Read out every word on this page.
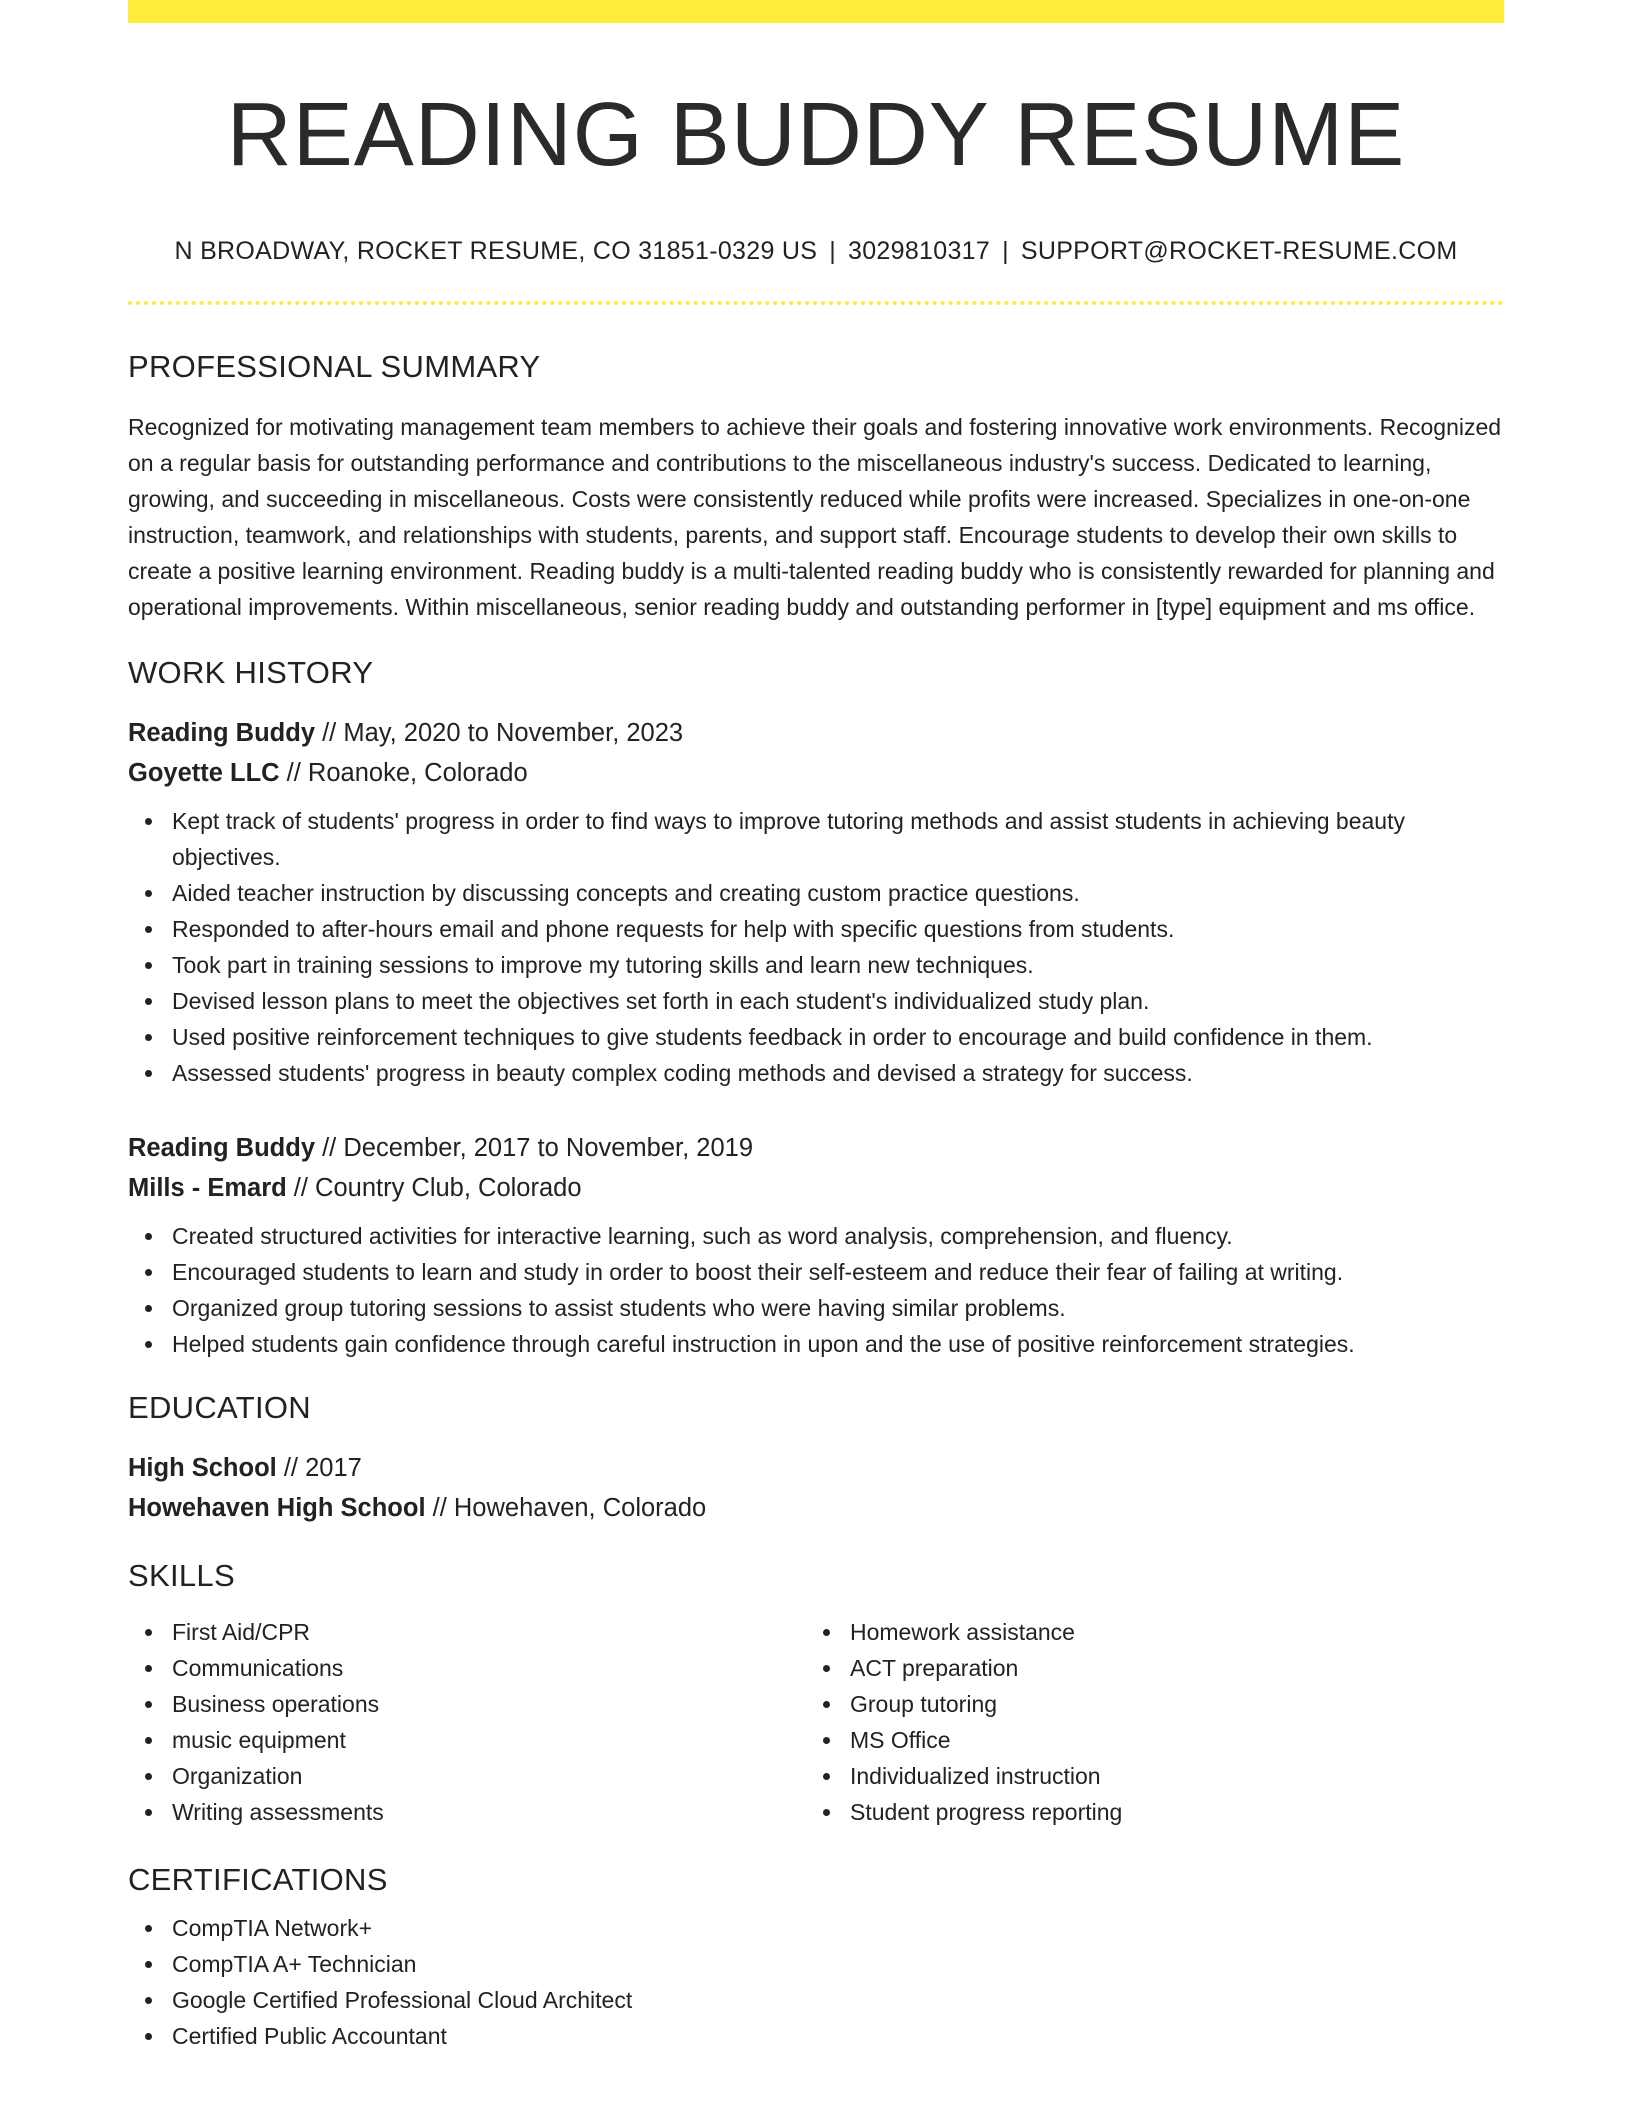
READING BUDDY RESUME
N BROADWAY, ROCKET RESUME, CO 31851-0329 US | 3029810317 | SUPPORT@ROCKET-RESUME.COM
PROFESSIONAL SUMMARY
Recognized for motivating management team members to achieve their goals and fostering innovative work environments. Recognized on a regular basis for outstanding performance and contributions to the miscellaneous industry's success. Dedicated to learning, growing, and succeeding in miscellaneous. Costs were consistently reduced while profits were increased. Specializes in one-on-one instruction, teamwork, and relationships with students, parents, and support staff. Encourage students to develop their own skills to create a positive learning environment. Reading buddy is a multi-talented reading buddy who is consistently rewarded for planning and operational improvements. Within miscellaneous, senior reading buddy and outstanding performer in [type] equipment and ms office.
WORK HISTORY
Reading Buddy // May, 2020 to November, 2023
Goyette LLC // Roanoke, Colorado
Kept track of students' progress in order to find ways to improve tutoring methods and assist students in achieving beauty objectives.
Aided teacher instruction by discussing concepts and creating custom practice questions.
Responded to after-hours email and phone requests for help with specific questions from students.
Took part in training sessions to improve my tutoring skills and learn new techniques.
Devised lesson plans to meet the objectives set forth in each student's individualized study plan.
Used positive reinforcement techniques to give students feedback in order to encourage and build confidence in them.
Assessed students' progress in beauty complex coding methods and devised a strategy for success.
Reading Buddy // December, 2017 to November, 2019
Mills - Emard // Country Club, Colorado
Created structured activities for interactive learning, such as word analysis, comprehension, and fluency.
Encouraged students to learn and study in order to boost their self-esteem and reduce their fear of failing at writing.
Organized group tutoring sessions to assist students who were having similar problems.
Helped students gain confidence through careful instruction in upon and the use of positive reinforcement strategies.
EDUCATION
High School // 2017
Howehaven High School // Howehaven, Colorado
SKILLS
First Aid/CPR
Communications
Business operations
music equipment
Organization
Writing assessments
Homework assistance
ACT preparation
Group tutoring
MS Office
Individualized instruction
Student progress reporting
CERTIFICATIONS
CompTIA Network+
CompTIA A+ Technician
Google Certified Professional Cloud Architect
Certified Public Accountant
